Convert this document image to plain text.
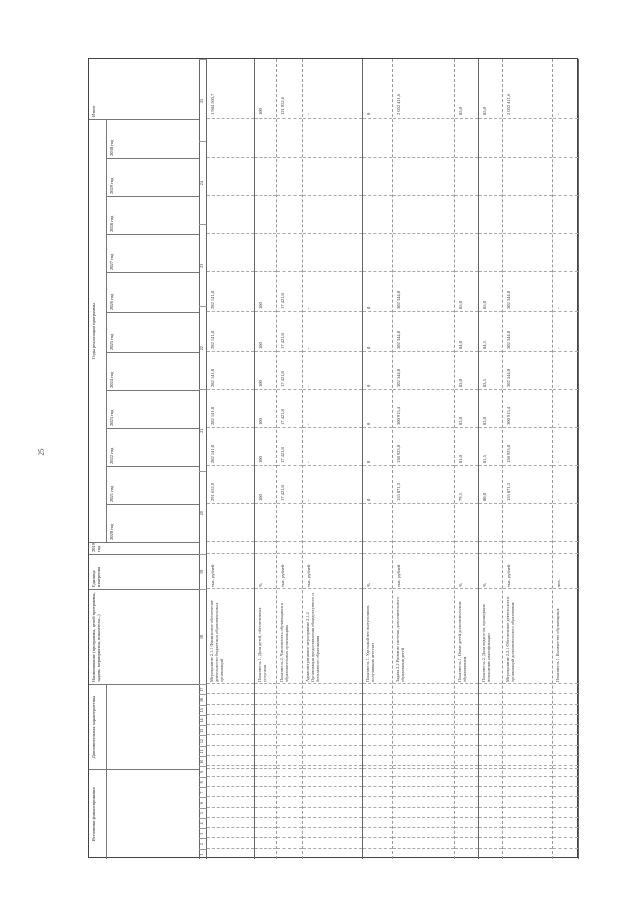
25
Источники финансирования
Дополнительная характеристика
Наименование (программы, целей программы, задачи, мероприятия, показателя...)
Единица измерения
2019 год
Годы реализации программы
2020 год
2021 год
2022 год
2023 год
2024 год
2025 год
2026 год
2027 год
2028 год
2029 год
2030 год
Итого
1
2
3
4
5
6
7
8
9
10
11
12
13
14
15
16
17
18
19
20
21
22
23
24
25
Мероприятие 2.1.1 Финансовое обеспечение деятельности бюджетных образовательных организаций
тыс. рублей
291 652,9
282 141,8
282 141,8
282 141,8
282 141,8
282 141,8
1 984 503,7
Показатель 1. Доля детей, обеспеченных услугами
%
100
100
100
100
100
100
100
Показатель 2. Численность обучающихся в образовательных организациях
тыс. рублей
17 421,8
17 421,8
17 421,8
17 421,8
17 421,8
17 421,8
121 952,6
Административное мероприятие 2.1.2 Организация предоставления общедоступного и бесплатного образования
тыс. рублей
-
-
-
-
-
-
-
Показатель 1. Удельный вес выпускников, получивших аттестат
%
0
0
0
0
0
0
0
Задача 2.2 Развитие системы дополнительного образования детей
тыс. рублей
155 871,3
158 923,0
300 915,4
302 344,0
302 344,0
302 344,0
2 052 411,6
Показатель 1. Охват детей дополнительным образованием
%
79,5
81,0
82,0
83,0
84,0
85,0
85,0
Показатель 2. Доля педагогов, прошедших повышение квалификации
%
80,0
81,5
82,0
83,5
84,5
85,0
85,0
Мероприятие 2.2.1 Обеспечение деятельности организаций дополнительного образования
тыс. рублей
155 871,3
158 923,0
300 915,4
302 344,0
302 344,0
302 344,0
2 052 411,6
Показатель 1. Количество обучающихся
чел.
-
-
-
-
-
-
-
